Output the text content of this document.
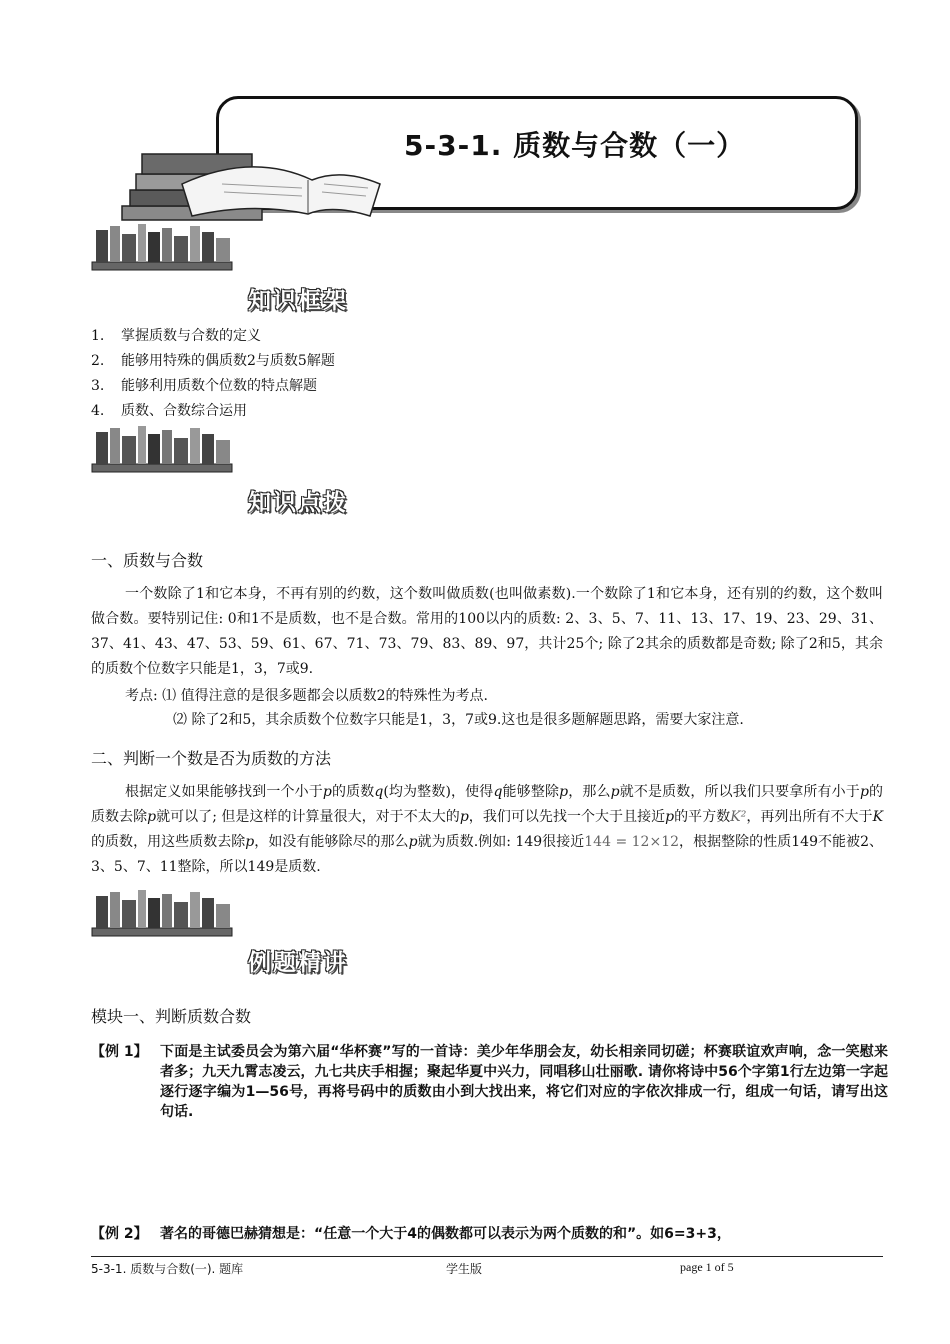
5-3-1. 质数与合数（一）
知识框架
1. 掌握质数与合数的定义
2. 能够用特殊的偶质数2与质数5解题
3. 能够利用质数个位数的特点解题
4. 质数、合数综合运用
知识点拨
一、质数与合数
一个数除了1和它本身，不再有别的约数，这个数叫做质数(也叫做素数).一个数除了1和它本身，还有别的约数，这个数叫做合数。要特别记住: 0和1不是质数，也不是合数。常用的100以内的质数: 2、3、5、7、11、13、17、19、23、29、31、37、41、43、47、53、59、61、67、71、73、79、83、89、97，共计25个; 除了2其余的质数都是奇数; 除了2和5，其余的质数个位数字只能是1，3，7或9.
考点: ⑴ 值得注意的是很多题都会以质数2的特殊性为考点.
⑵ 除了2和5，其余质数个位数字只能是1，3，7或9.这也是很多题解题思路，需要大家注意.
二、判断一个数是否为质数的方法
根据定义如果能够找到一个小于p的质数q(均为整数)，使得q能够整除p，那么p就不是质数，所以我们只要拿所有小于p的质数去除p就可以了; 但是这样的计算量很大，对于不太大的p，我们可以先找一个大于且接近p的平方数K²，再列出所有不大于K的质数，用这些质数去除p，如没有能够除尽的那么p就为质数.例如: 149很接近144 = 12×12，根据整除的性质149不能被2、3、5、7、11整除，所以149是质数.
例题精讲
模块一、判断质数合数
【例 1】 下面是主试委员会为第六届“华杯赛”写的一首诗：美少年华朋会友，幼长相亲同切磋；杯赛联谊欢声响，念一笑慰来者多；九天九霄志凌云，九七共庆手相握；聚起华夏中兴力，同唱移山壮丽歌. 请你将诗中56个字第1行左边第一字起逐行逐字编为1—56号，再将号码中的质数由小到大找出来，将它们对应的字依次排成一行，组成一句话，请写出这句话.
【例 2】 著名的哥德巴赫猜想是：“任意一个大于4的偶数都可以表示为两个质数的和”。如6=3+3，
5-3-1. 质数与合数(一). 题库	学生版	page 1 of 5
